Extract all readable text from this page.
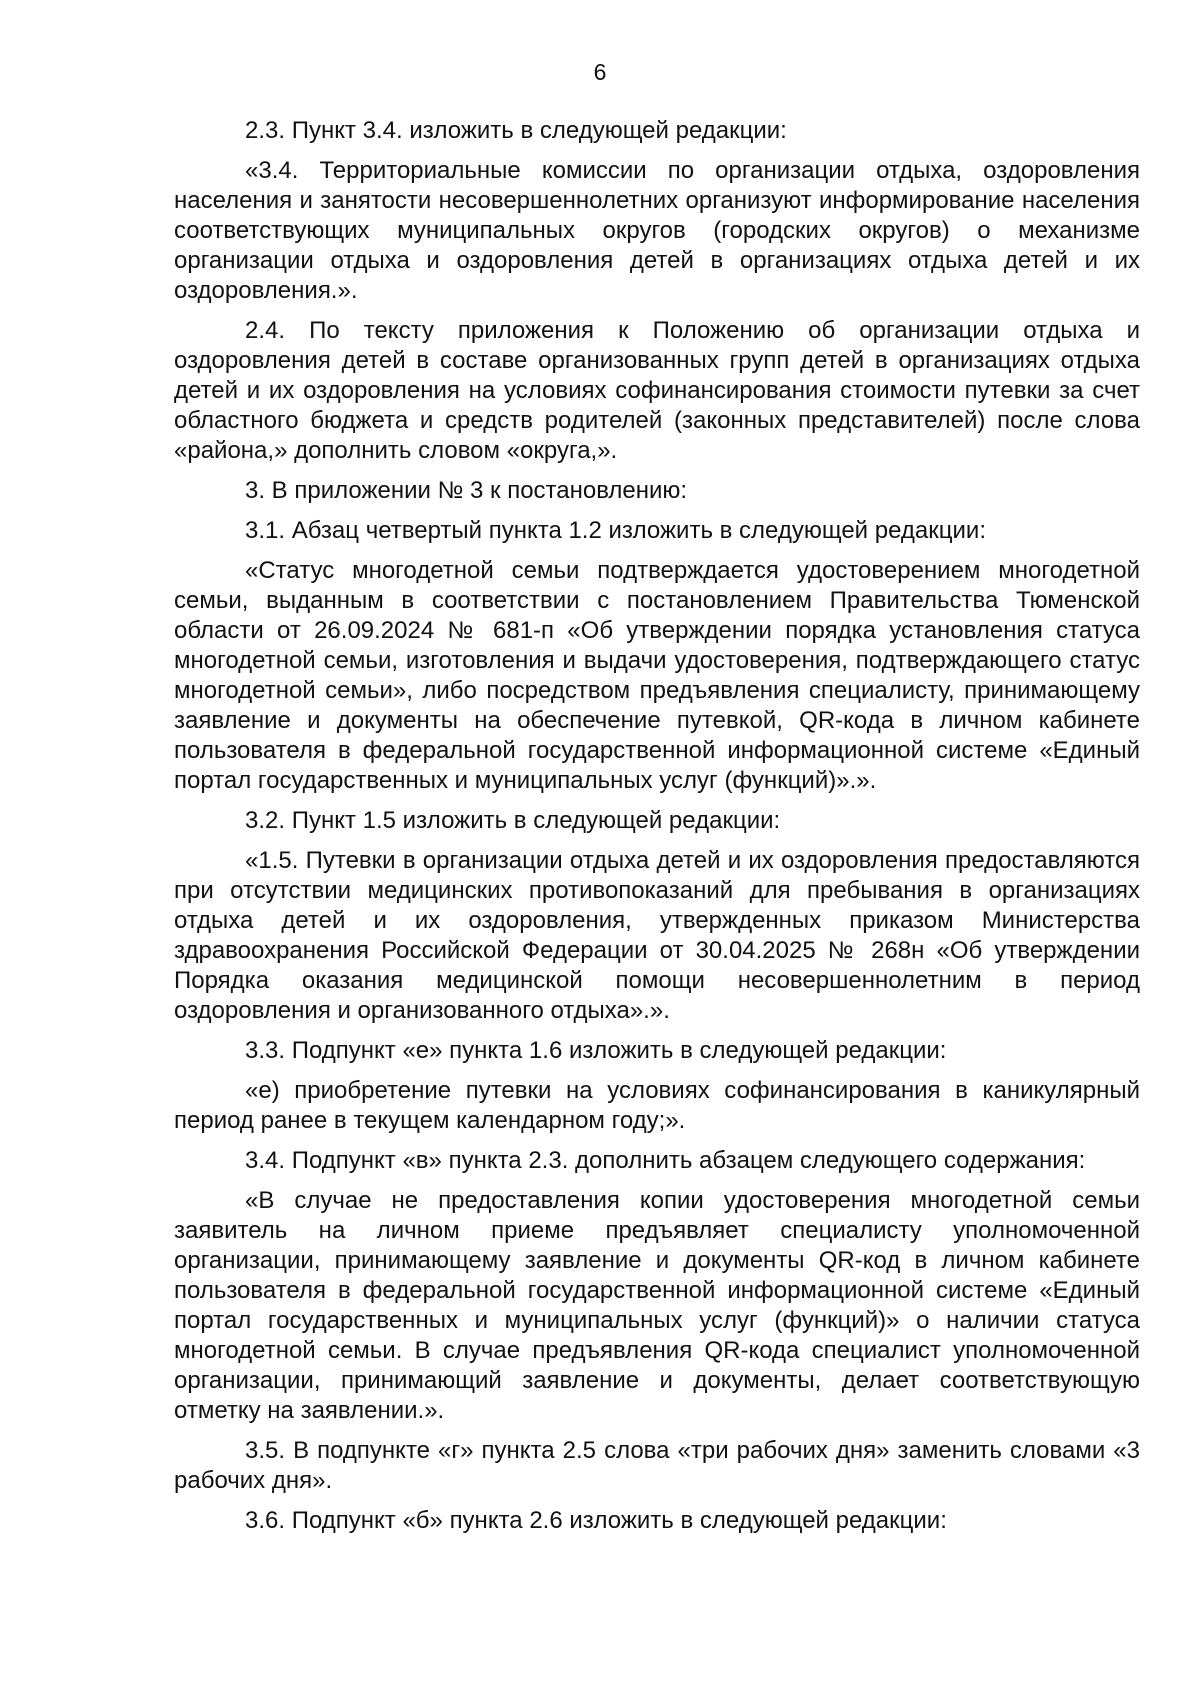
6

2.3. Пункт 3.4. изложить в следующей редакции:

«3.4. Территориальные комиссии по организации отдыха, оздоровления населения и занятости несовершеннолетних организуют информирование населения соответствующих муниципальных округов (городских округов) о механизме организации отдыха и оздоровления детей в организациях отдыха детей и их оздоровления.».

2.4. По тексту приложения к Положению об организации отдыха и оздоровления детей в составе организованных групп детей в организациях отдыха детей и их оздоровления на условиях софинансирования стоимости путевки за счет областного бюджета и средств родителей (законных представителей) после слова «района,» дополнить словом «округа,».

3. В приложении № 3 к постановлению:

3.1. Абзац четвертый пункта 1.2 изложить в следующей редакции:

«Статус многодетной семьи подтверждается удостоверением многодетной семьи, выданным в соответствии с постановлением Правительства Тюменской области от 26.09.2024 № 681-п «Об утверждении порядка установления статуса многодетной семьи, изготовления и выдачи удостоверения, подтверждающего статус многодетной семьи», либо посредством предъявления специалисту, принимающему заявление и документы на обеспечение путевкой, QR-кода в личном кабинете пользователя в федеральной государственной информационной системе «Единый портал государственных и муниципальных услуг (функций)».».

3.2. Пункт 1.5 изложить в следующей редакции:

«1.5. Путевки в организации отдыха детей и их оздоровления предоставляются при отсутствии медицинских противопоказаний для пребывания в организациях отдыха детей и их оздоровления, утвержденных приказом Министерства здравоохранения Российской Федерации от 30.04.2025 № 268н «Об утверждении Порядка оказания медицинской помощи несовершеннолетним в период оздоровления и организованного отдыха».».

3.3. Подпункт «е» пункта 1.6 изложить в следующей редакции:

«е) приобретение путевки на условиях софинансирования в каникулярный период ранее в текущем календарном году;».

3.4. Подпункт «в» пункта 2.3. дополнить абзацем следующего содержания:

«В случае не предоставления копии удостоверения многодетной семьи заявитель на личном приеме предъявляет специалисту уполномоченной организации, принимающему заявление и документы QR-код в личном кабинете пользователя в федеральной государственной информационной системе «Единый портал государственных и муниципальных услуг (функций)» о наличии статуса многодетной семьи. В случае предъявления QR-кода специалист уполномоченной организации, принимающий заявление и документы, делает соответствующую отметку на заявлении.».

3.5. В подпункте «г» пункта 2.5 слова «три рабочих дня» заменить словами «3 рабочих дня».

3.6. Подпункт «б» пункта 2.6 изложить в следующей редакции:
